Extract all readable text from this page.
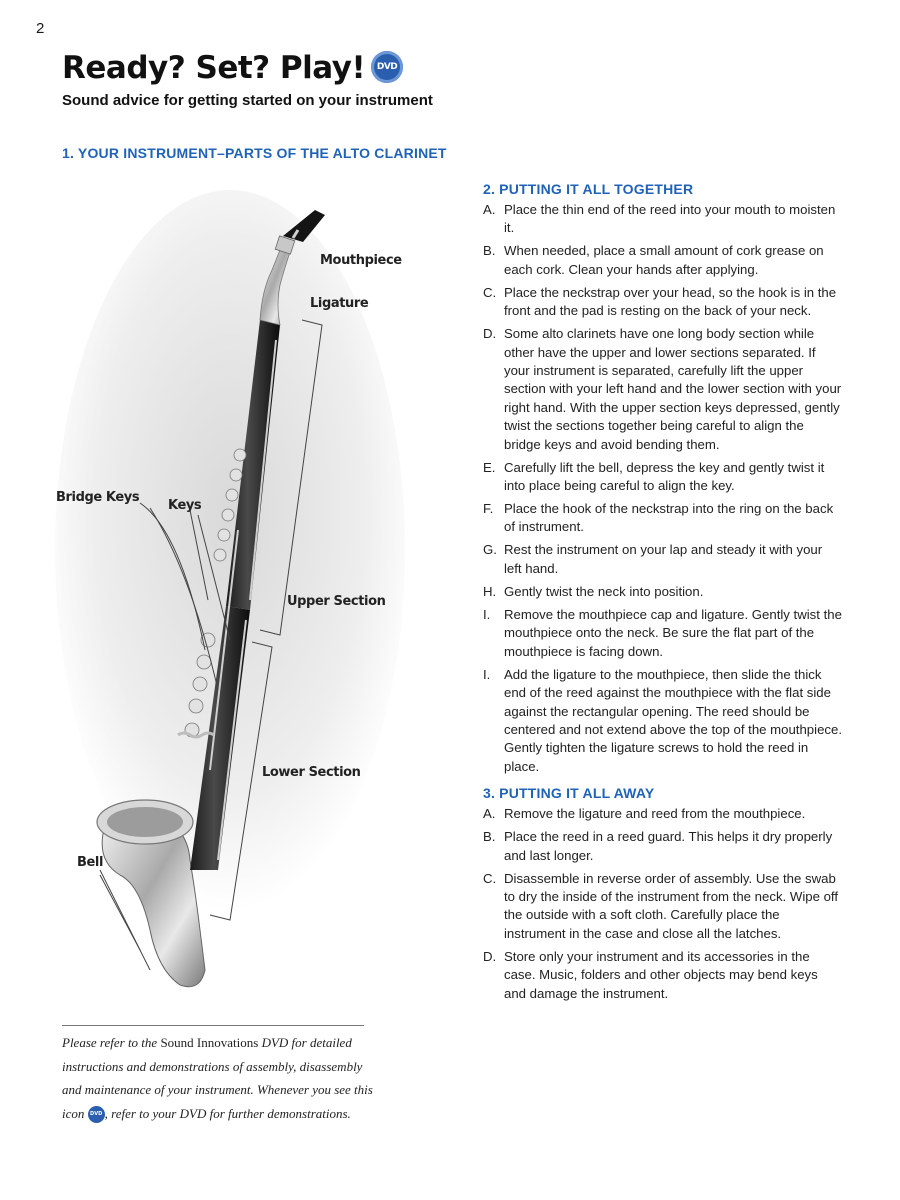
2
Ready? Set? Play! DVD
Sound advice for getting started on your instrument
1. YOUR INSTRUMENT–PARTS OF THE ALTO CLARINET
Mouthpiece
Ligature
Bridge Keys
Keys
Upper Section
Lower Section
Bell
Please refer to the Sound Innovations DVD for detailed instructions and demonstrations of assembly, disassembly and maintenance of your instrument. Whenever you see this icon DVD , refer to your DVD for further demonstrations.
2. PUTTING IT ALL TOGETHER
A. Place the thin end of the reed into your mouth to moisten it.
B. When needed, place a small amount of cork grease on each cork. Clean your hands after applying.
C. Place the neckstrap over your head, so the hook is in the front and the pad is resting on the back of your neck.
D. Some alto clarinets have one long body section while other have the upper and lower sections separated. If your instrument is separated, carefully lift the upper section with your left hand and the lower section with your right hand. With the upper section keys depressed, gently twist the sections together being careful to align the bridge keys and avoid bending them.
E. Carefully lift the bell, depress the key and gently twist it into place being careful to align the key.
F. Place the hook of the neckstrap into the ring on the back of instrument.
G. Rest the instrument on your lap and steady it with your left hand.
H. Gently twist the neck into position.
I.	Remove the mouthpiece cap and ligature. Gently twist the mouthpiece onto the neck. Be sure the flat part of the mouthpiece is facing down.
I.	Add the ligature to the mouthpiece, then slide the thick end of the reed against the mouthpiece with the flat side against the rectangular opening. The reed should be centered and not extend above the top of the mouthpiece. Gently tighten the ligature screws to hold the reed in place.
3. PUTTING IT ALL AWAY
A. Remove the ligature and reed from the mouthpiece.
B. Place the reed in a reed guard. This helps it dry properly and last longer.
C. Disassemble in reverse order of assembly. Use the swab to dry the inside of the instrument from the neck. Wipe off the outside with a soft cloth. Carefully place the instrument in the case and close all the latches.
D. Store only your instrument and its accessories in the case. Music, folders and other objects may bend keys and damage the instrument.
